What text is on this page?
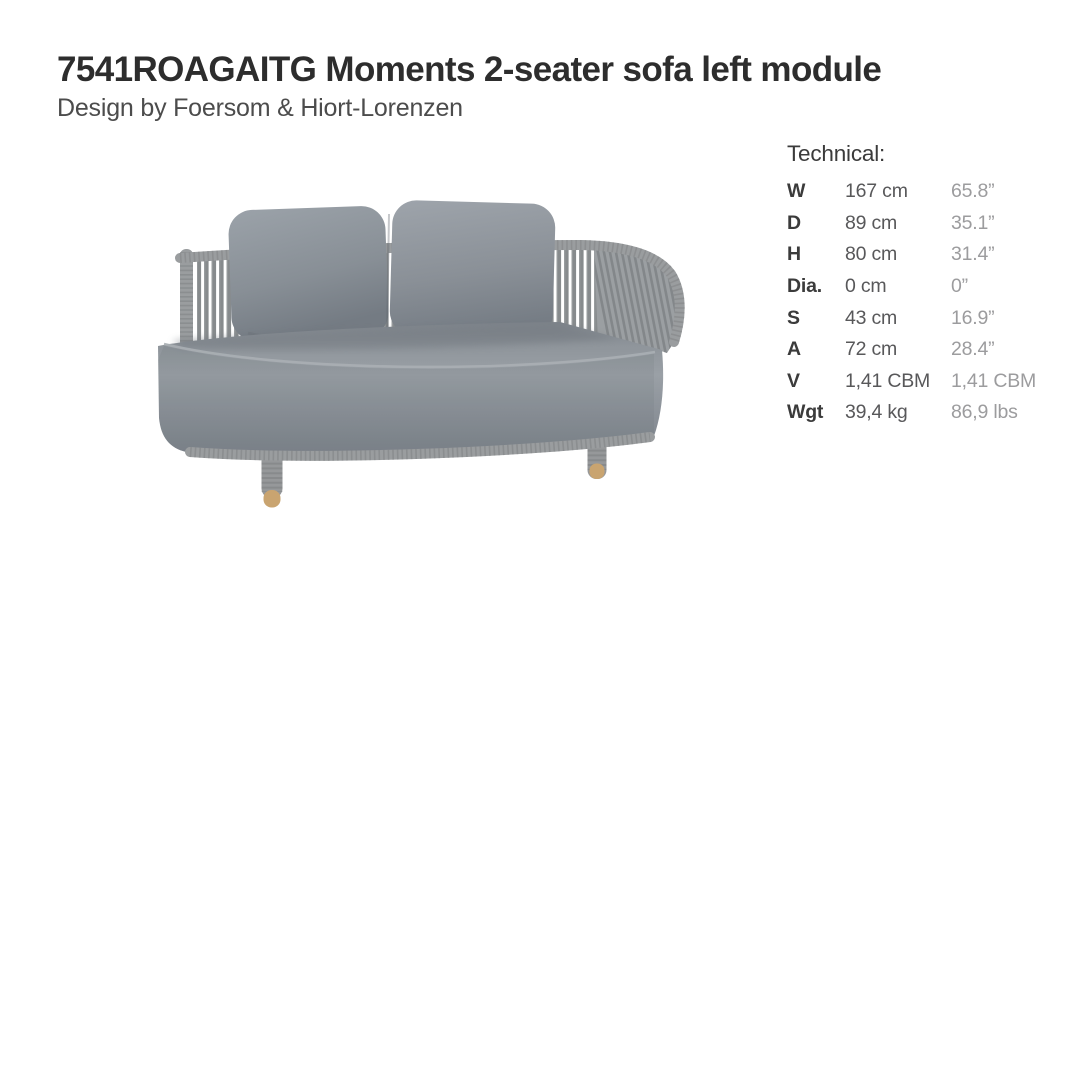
7541ROAGAITG Moments 2-seater sofa left module
Design by Foersom & Hiort-Lorenzen
Technical:
W	167 cm	65.8”
D	89 cm	35.1”
H	80 cm	31.4”
Dia.	0 cm	0”
S	43 cm	16.9”
A	72 cm	28.4”
V	1,41 CBM	1,41 CBM
Wgt	39,4 kg	86,9 lbs
